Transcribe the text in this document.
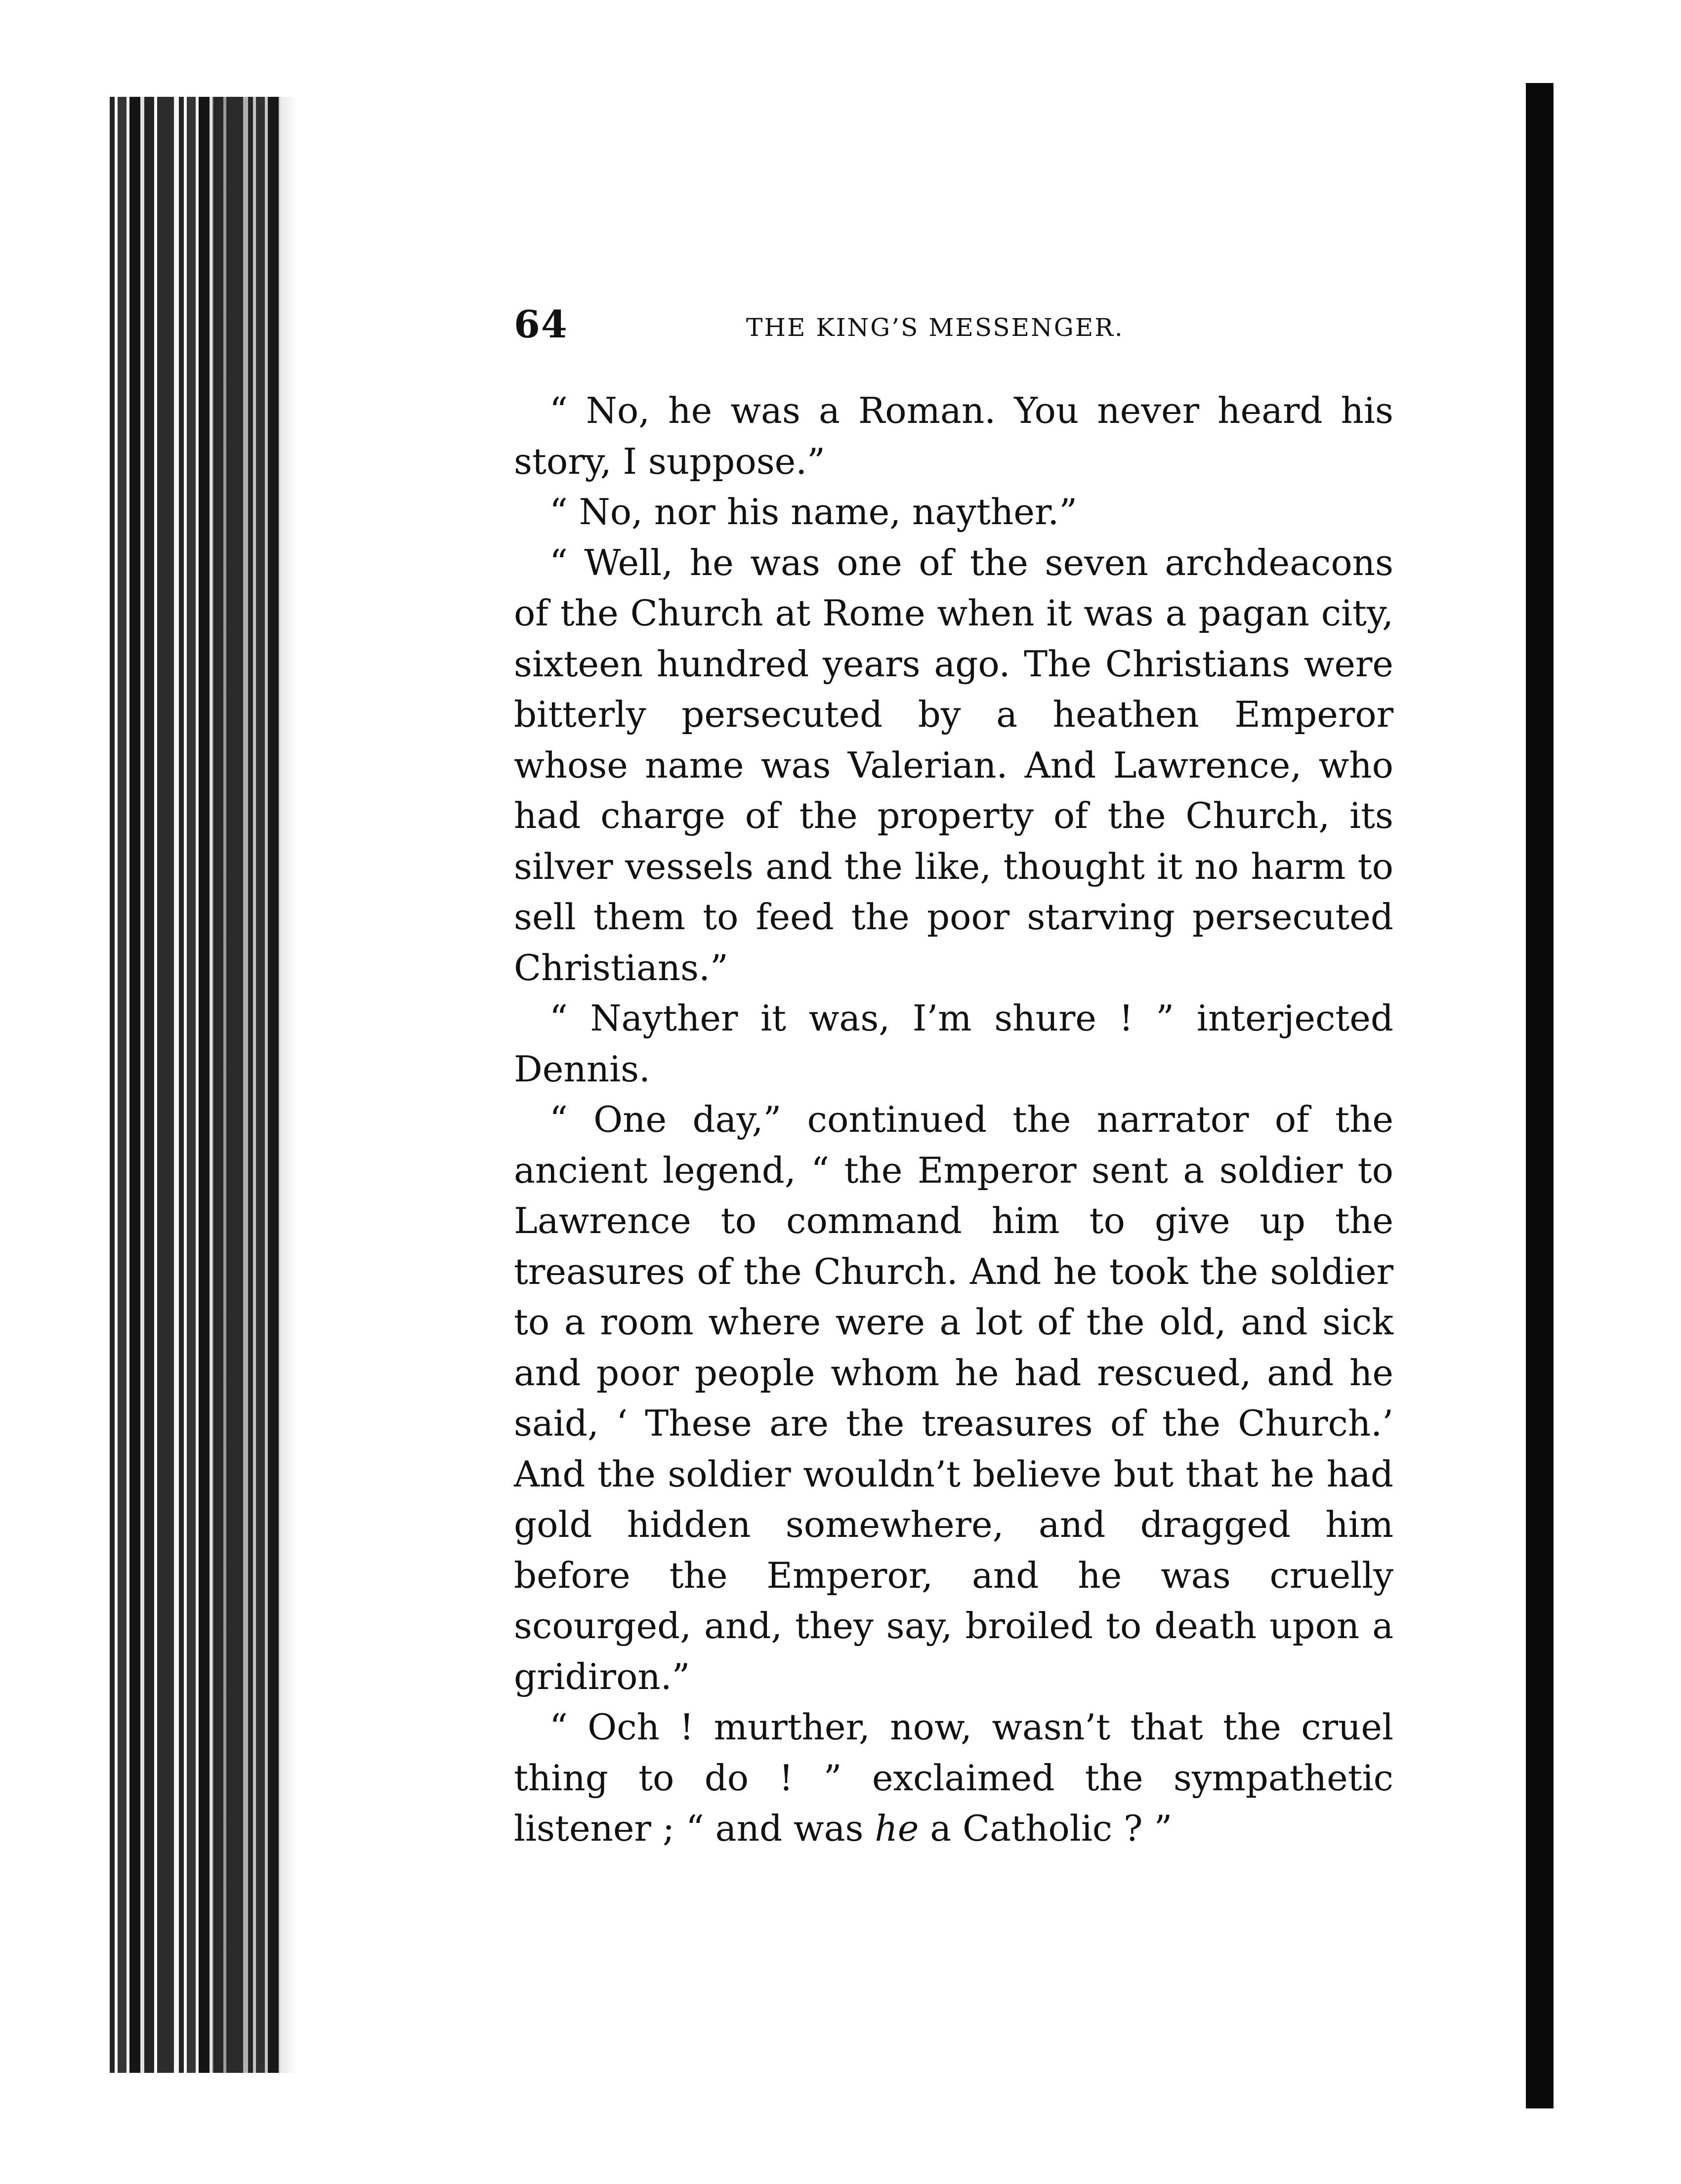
64	THE KING’S MESSENGER.

“ No, he was a Roman. You never heard his story, I suppose.”

“ No, nor his name, nayther.”

“ Well, he was one of the seven archdeacons of the Church at Rome when it was a pagan city, sixteen hundred years ago. The Christians were bitterly persecuted by a heathen Emperor whose name was Valerian. And Lawrence, who had charge of the property of the Church, its silver vessels and the like, thought it no harm to sell them to feed the poor starving persecuted Christians.”

“ Nayther it was, I’m shure ! ” interjected Dennis.

“ One day,” continued the narrator of the ancient legend, “ the Emperor sent a soldier to Lawrence to command him to give up the treasures of the Church. And he took the soldier to a room where were a lot of the old, and sick and poor people whom he had rescued, and he said, ‘ These are the treasures of the Church.’ And the soldier wouldn’t believe but that he had gold hidden somewhere, and dragged him before the Emperor, and he was cruelly scourged, and, they say, broiled to death upon a gridiron.”

“ Och ! murther, now, wasn’t that the cruel thing to do ! ” exclaimed the sympathetic listener ; “ and was he a Catholic ? ”
